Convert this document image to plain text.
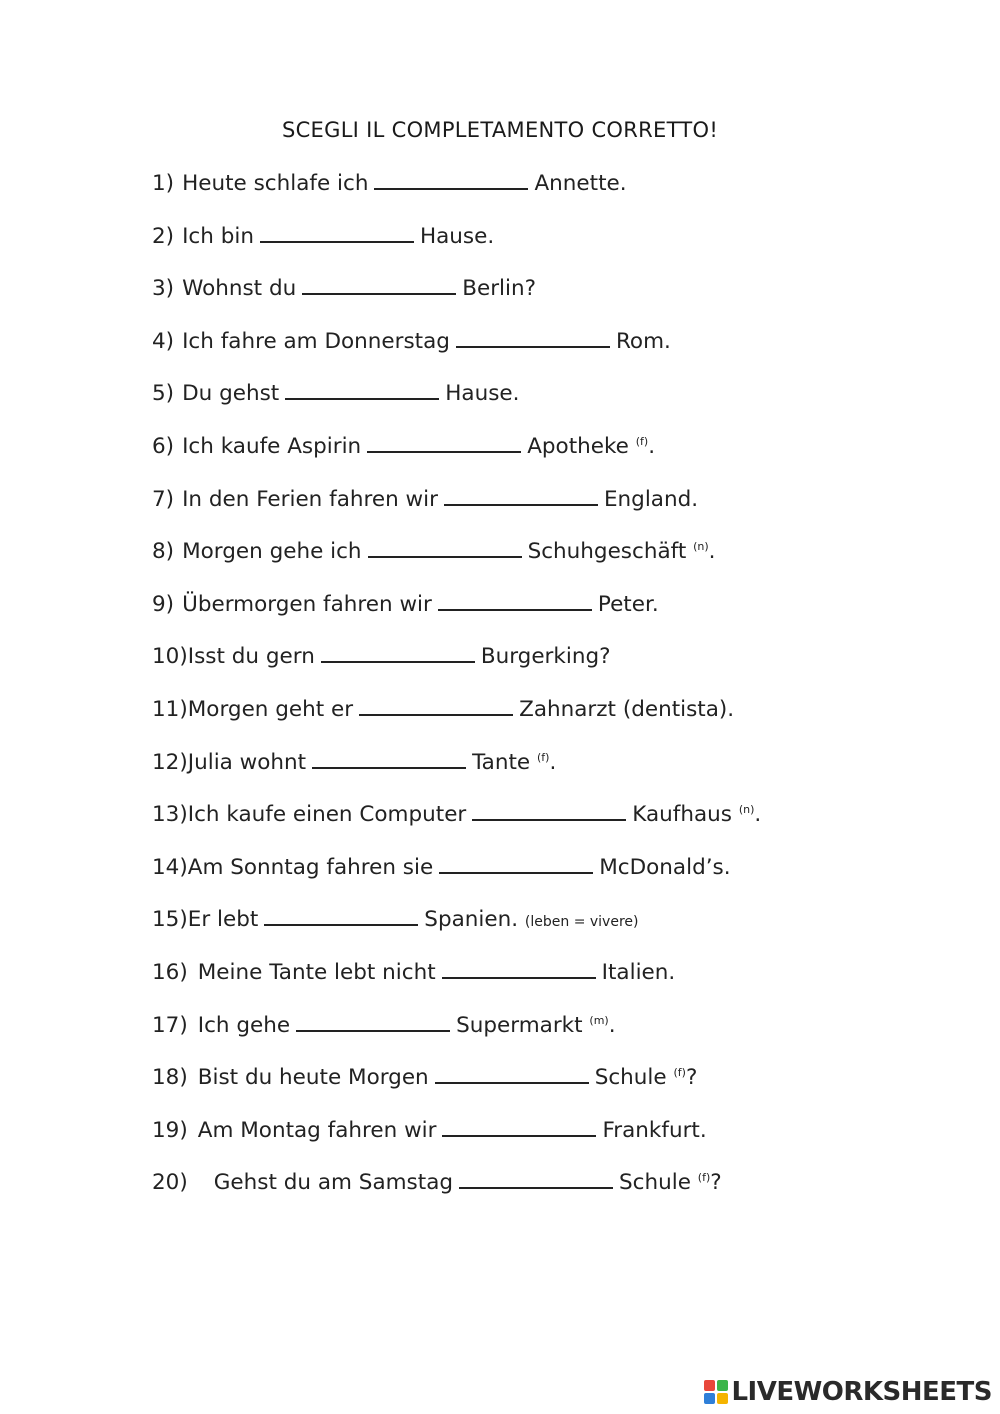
SCEGLI IL COMPLETAMENTO CORRETTO!
1) Heute schlafe ich	Annette.
2) Ich bin	Hause.
3) Wohnst du	Berlin?
4) Ich fahre am Donnerstag	Rom.
5) Du gehst	Hause.
6) Ich kaufe Aspirin	Apotheke $^{(f)}$.
7) In den Ferien fahren wir	England.
8) Morgen gehe ich	Schuhgeschäft $^{(n)}$.
9) Übermorgen fahren wir	Peter.
10)Isst du gern	Burgerking?
11)Morgen geht er	Zahnarzt (dentista).
12)Julia wohnt	Tante $^{(f)}$.
13)Ich kaufe einen Computer	Kaufhaus $^{(n)}$.
14)Am Sonntag fahren sie	McDonald’s.
15)Er lebt	Spanien. (leben = vivere)
16) Meine Tante lebt nicht	Italien.
17) Ich gehe	Supermarkt $^{(m)}$.
18) Bist du heute Morgen	Schule $^{(f)}$?
19) Am Montag fahren wir	Frankfurt.
20) Gehst du am Samstag	Schule $^{(f)}$?
LIVEWORKSHEETS
